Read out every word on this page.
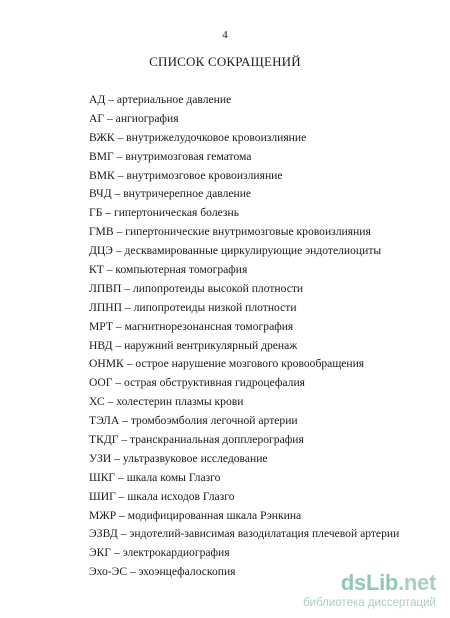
4
СПИСОК СОКРАЩЕНИЙ
АД – артериальное давление
АГ – ангиография
ВЖК – внутрижелудочковое кровоизлияние
ВМГ – внутримозговая гематома
ВМК – внутримозговое кровоизлияние
ВЧД – внутричерепное давление
ГБ – гипертоническая болезнь
ГМВ – гипертонические внутримозговые кровоизлияния
ДЦЭ – десквамированные циркулирующие эндотелиоциты
КТ – компьютерная томография
ЛПВП – липопротеиды высокой плотности
ЛПНП – липопротеиды низкой плотности
МРТ – магнитнорезонансная томография
НВД – наружний вентрикулярный дренаж
ОНМК – острое нарушение мозгового кровообращения
ООГ – острая обструктивная гидроцефалия
ХС – холестерин плазмы крови
ТЭЛА – тромбоэмболия легочной артерии
ТКДГ – транскраниальная допплерография
УЗИ – ультразвуковое исследование
ШКГ – шкала комы Глазго
ШИГ – шкала исходов Глазго
МЖР – модифицированная шкала Рэнкина
ЭЗВД – эндотелий-зависимая вазодилатация плечевой артерии
ЭКГ – электрокардиография
Эхо-ЭС – эхоэнцефалоскопия	dsLib.net
библиотека диссертаций
